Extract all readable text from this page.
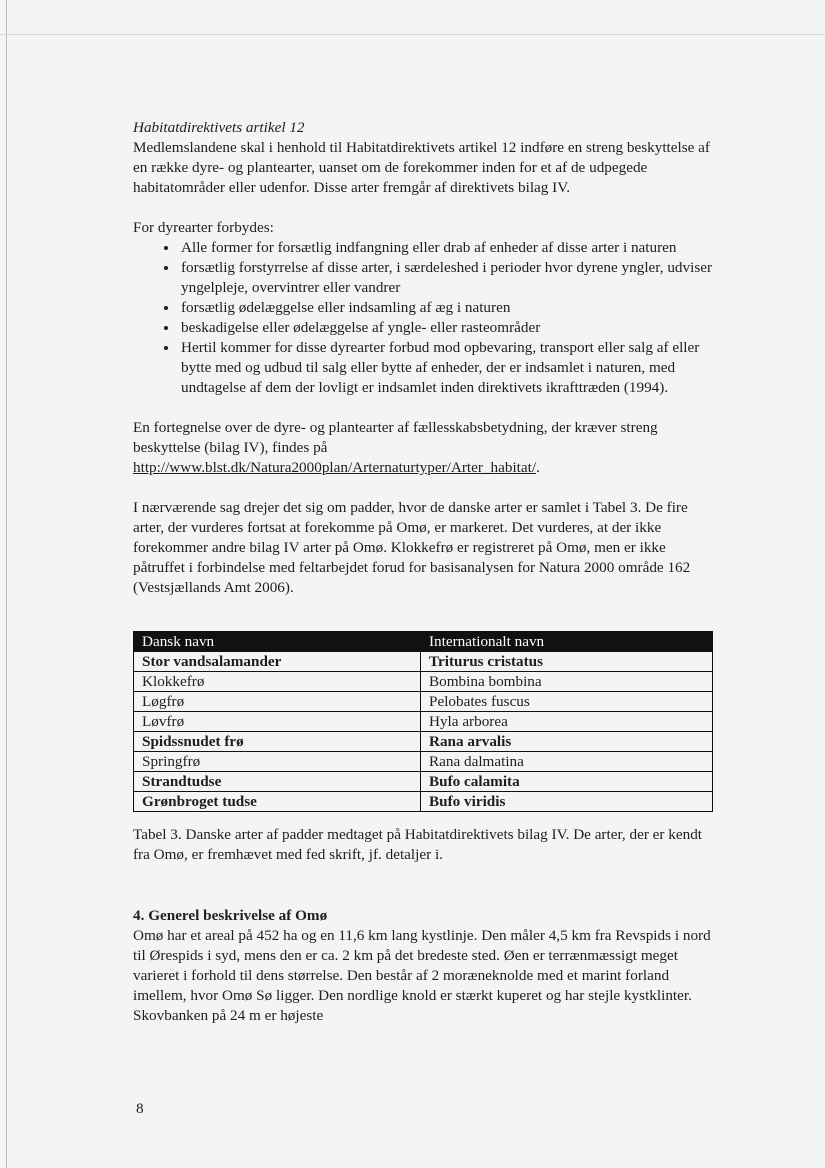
Habitatdirektivets artikel 12

Medlemslandene skal i henhold til Habitatdirektivets artikel 12 indføre en streng beskyttelse af en række dyre- og plantearter, uanset om de forekommer inden for et af de udpegede habitatområder eller udenfor. Disse arter fremgår af direktivets bilag IV.

For dyrearter forbydes:

• Alle former for forsætlig indfangning eller drab af enheder af disse arter i naturen
• forsætlig forstyrrelse af disse arter, i særdeleshed i perioder hvor dyrene yngler, udviser yngelpleje, overvintrer eller vandrer
• forsætlig ødelæggelse eller indsamling af æg i naturen
• beskadigelse eller ødelæggelse af yngle- eller rasteområder
• Hertil kommer for disse dyrearter forbud mod opbevaring, transport eller salg af eller bytte med og udbud til salg eller bytte af enheder, der er indsamlet i naturen, med undtagelse af dem der lovligt er indsamlet inden direktivets ikrafttræden (1994).

En fortegnelse over de dyre- og plantearter af fællesskabsbetydning, der kræver streng beskyttelse (bilag IV), findes på
http://www.blst.dk/Natura2000plan/Arternaturtyper/Arter_habitat/.

I nærværende sag drejer det sig om padder, hvor de danske arter er samlet i Tabel 3. De fire arter, der vurderes fortsat at forekomme på Omø, er markeret. Det vurderes, at der ikke forekommer andre bilag IV arter på Omø. Klokkefrø er registreret på Omø, men er ikke påtruffet i forbindelse med feltarbejdet forud for basisanalysen for Natura 2000 område 162 (Vestsjællands Amt 2006).

Dansk navn	Internationalt navn
Stor vandsalamander	Triturus cristatus
Klokkefrø	Bombina bombina
Løgfrø	Pelobates fuscus
Løvfrø	Hyla arborea
Spidssnudet frø	Rana arvalis
Springfrø	Rana dalmatina
Strandtudse	Bufo calamita
Grønbroget tudse	Bufo viridis

Tabel 3. Danske arter af padder medtaget på Habitatdirektivets bilag IV. De arter, der er kendt fra Omø, er fremhævet med fed skrift, jf. detaljer i.

4. Generel beskrivelse af Omø

Omø har et areal på 452 ha og en 11,6 km lang kystlinje. Den måler 4,5 km fra Revspids i nord til Ørespids i syd, mens den er ca. 2 km på det bredeste sted. Øen er terrænmæssigt meget varieret i forhold til dens størrelse. Den består af 2 moræneknolde med et marint forland imellem, hvor Omø Sø ligger. Den nordlige knold er stærkt kuperet og har stejle kystklinter. Skovbanken på 24 m er højeste

8
